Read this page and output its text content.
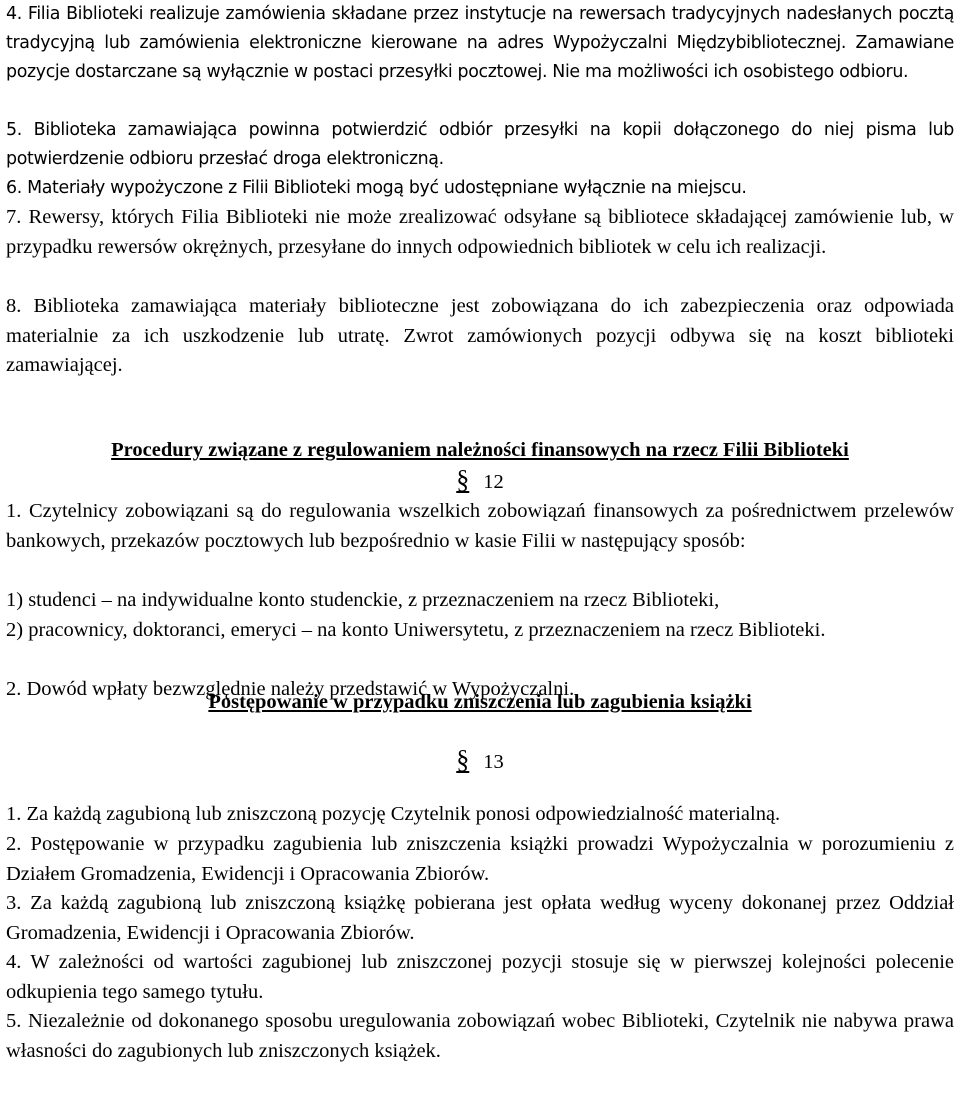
4. Filia Biblioteki realizuje zamówienia składane przez instytucje na rewersach tradycyjnych nadesłanych pocztą tradycyjną lub zamówienia elektroniczne kierowane na adres Wypożyczalni Międzybibliotecznej. Zamawiane pozycje dostarczane są wyłącznie w postaci przesyłki pocztowej. Nie ma możliwości ich osobistego odbioru.

5. Biblioteka zamawiająca powinna potwierdzić odbiór przesyłki na kopii dołączonego do niej pisma lub potwierdzenie odbioru przesłać droga elektroniczną.

6. Materiały wypożyczone z Filii Biblioteki mogą być udostępniane wyłącznie na miejscu.

7. Rewersy, których Filia Biblioteki nie może zrealizować odsyłane są bibliotece składającej zamówienie lub, w przypadku rewersów okrężnych, przesyłane do innych odpowiednich bibliotek w celu ich realizacji.

8. Biblioteka zamawiająca materiały biblioteczne jest zobowiązana do ich zabezpieczenia oraz odpowiada materialnie za ich uszkodzenie lub utratę. Zwrot zamówionych pozycji odbywa się na koszt biblioteki zamawiającej.

Procedury związane z regulowaniem należności finansowych na rzecz Filii Biblioteki

§ 12

1. Czytelnicy zobowiązani są do regulowania wszelkich zobowiązań finansowych za pośrednictwem przelewów bankowych, przekazów pocztowych lub bezpośrednio w kasie Filii w następujący sposób:

1) studenci – na indywidualne konto studenckie, z przeznaczeniem na rzecz Biblioteki,

2) pracownicy, doktoranci, emeryci – na konto Uniwersytetu, z przeznaczeniem na rzecz Biblioteki.

2. Dowód wpłaty bezwzględnie należy przedstawić w Wypożyczalni.

Postępowanie w przypadku zniszczenia lub zagubienia książki

§ 13

1. Za każdą zagubioną lub zniszczoną pozycję Czytelnik ponosi odpowiedzialność materialną.

2. Postępowanie w przypadku zagubienia lub zniszczenia książki prowadzi Wypożyczalnia w porozumieniu z Działem Gromadzenia, Ewidencji i Opracowania Zbiorów.

3. Za każdą zagubioną lub zniszczoną książkę pobierana jest opłata według wyceny dokonanej przez Oddział Gromadzenia, Ewidencji i Opracowania Zbiorów.

4. W zależności od wartości zagubionej lub zniszczonej pozycji stosuje się w pierwszej kolejności polecenie odkupienia tego samego tytułu.

5. Niezależnie od dokonanego sposobu uregulowania zobowiązań wobec Biblioteki, Czytelnik nie nabywa prawa własności do zagubionych lub zniszczonych książek.
